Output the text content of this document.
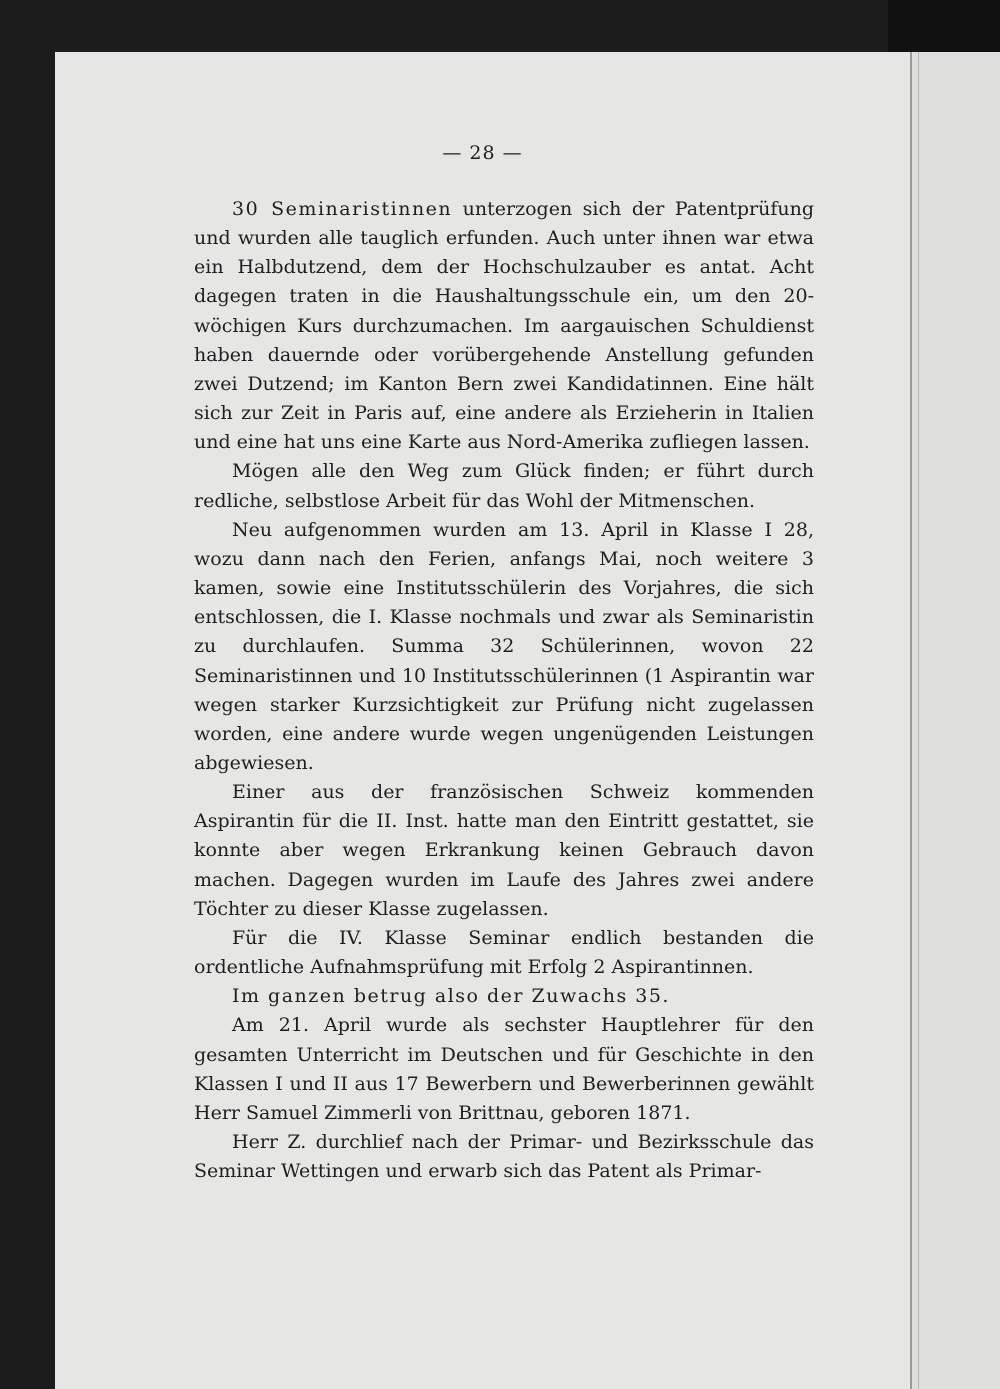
— 28 —

30 Seminaristinnen unterzogen sich der Patentprüfung und wurden alle tauglich erfunden. Auch unter ihnen war etwa ein Halbdutzend, dem der Hochschulzauber es antat. Acht dagegen traten in die Haushaltungsschule ein, um den 20-wöchigen Kurs durchzumachen. Im aargauischen Schuldienst haben dauernde oder vorübergehende Anstellung gefunden zwei Dutzend; im Kanton Bern zwei Kandidatinnen. Eine hält sich zur Zeit in Paris auf, eine andere als Erzieherin in Italien und eine hat uns eine Karte aus Nord-Amerika zufliegen lassen.

Mögen alle den Weg zum Glück finden; er führt durch redliche, selbstlose Arbeit für das Wohl der Mitmenschen.

Neu aufgenommen wurden am 13. April in Klasse I 28, wozu dann nach den Ferien, anfangs Mai, noch weitere 3 kamen, sowie eine Institutsschülerin des Vorjahres, die sich entschlossen, die I. Klasse nochmals und zwar als Seminaristin zu durchlaufen. Summa 32 Schülerinnen, wovon 22 Seminaristinnen und 10 Institutsschülerinnen (1 Aspirantin war wegen starker Kurzsichtigkeit zur Prüfung nicht zugelassen worden, eine andere wurde wegen ungenügenden Leistungen abgewiesen.

Einer aus der französischen Schweiz kommenden Aspirantin für die II. Inst. hatte man den Eintritt gestattet, sie konnte aber wegen Erkrankung keinen Gebrauch davon machen. Dagegen wurden im Laufe des Jahres zwei andere Töchter zu dieser Klasse zugelassen.

Für die IV. Klasse Seminar endlich bestanden die ordentliche Aufnahmsprüfung mit Erfolg 2 Aspirantinnen.

Im ganzen betrug also der Zuwachs 35.

Am 21. April wurde als sechster Hauptlehrer für den gesamten Unterricht im Deutschen und für Geschichte in den Klassen I und II aus 17 Bewerbern und Bewerberinnen gewählt Herr Samuel Zimmerli von Brittnau, geboren 1871.

Herr Z. durchlief nach der Primar- und Bezirksschule das Seminar Wettingen und erwarb sich das Patent als Primar-
